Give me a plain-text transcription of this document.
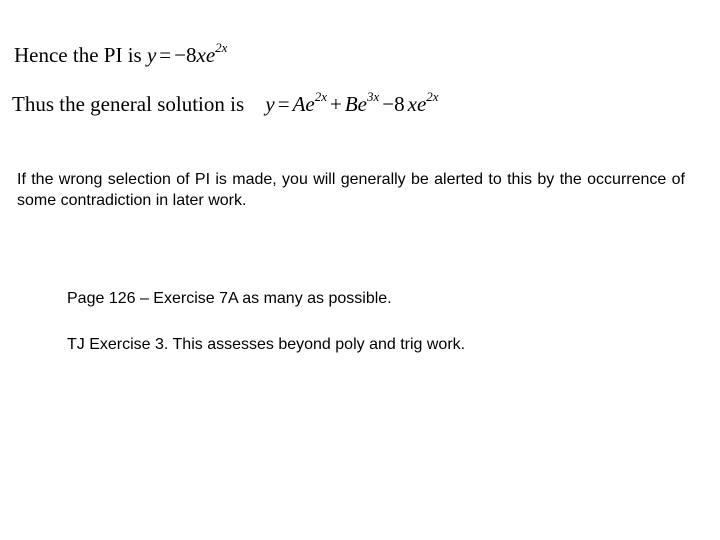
Hence the PI is $y = -8xe^{2x}$
Thus the general solution is $y = Ae^{2x} + Be^{3x} -8$ $xe^{2x}$
If the wrong selection of PI is made, you will generally be alerted to this by the occurrence of some contradiction in later work.
Page 126 – Exercise 7A as many as possible.
TJ Exercise 3. This assesses beyond poly and trig work.
